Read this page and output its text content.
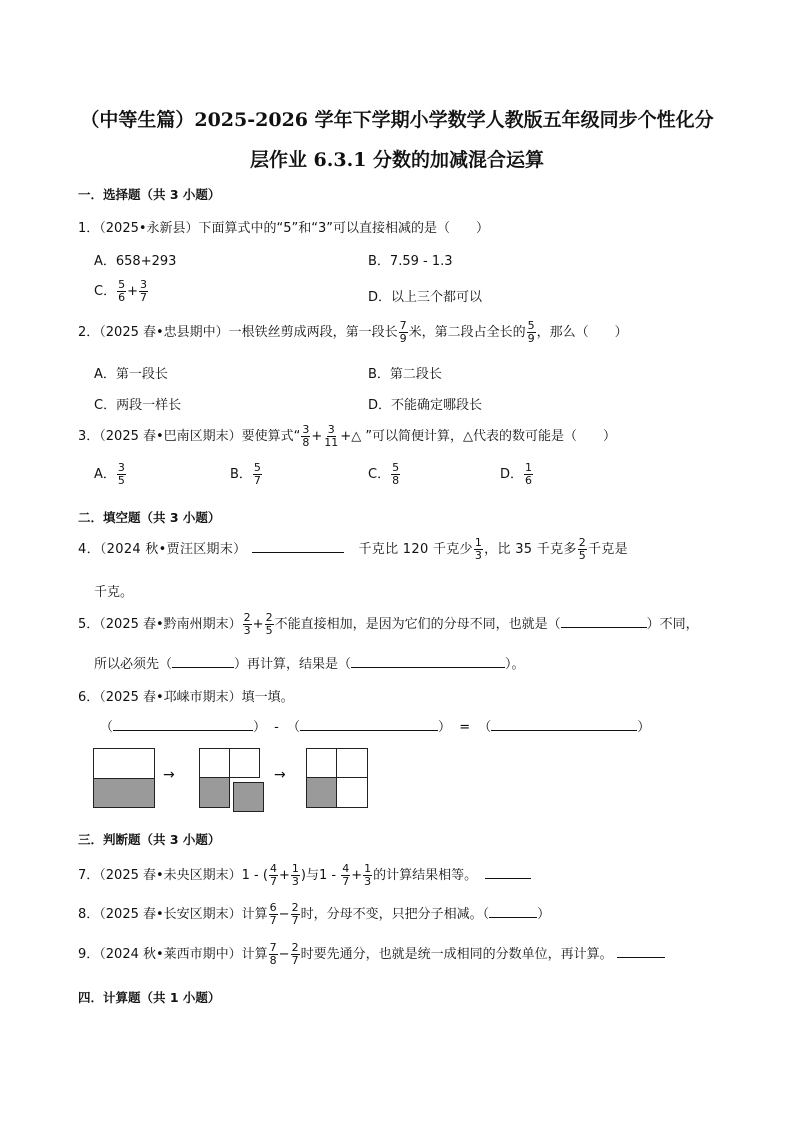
（中等生篇）2025-2026 学年下学期小学数学人教版五年级同步个性化分
层作业 6.3.1 分数的加减混合运算
一．选择题（共 3 小题）
1．（2025•永新县）下面算式中的“5”和“3”可以直接相减的是（　　）
A．658+293	B．7.59 - 1.3
C． $\frac{5}{6} + \frac{3}{7}$	D．以上三个都可以
2．（2025 春•忠县期中）一根铁丝剪成两段，第一段长 $\frac{7}{9}$ 米，第二段占全长的 $\frac{5}{9}$ ，那么（　　）
A．第一段长	B．第二段长
C．两段一样长	D．不能确定哪段长
3．（2025 春•巴南区期末）要使算式“ $\frac{3}{8} + \frac{3}{11}$ +△ ”可以简便计算，△代表的数可能是（　　）
A． $\frac{3}{5}$	B． $\frac{5}{7}$	C． $\frac{5}{8}$	D． $\frac{1}{6}$
二．填空题（共 3 小题）
4．（2024 秋•贾汪区期末）	千克比 120 千克少 $\frac{1}{3}$ ，比 35 千克多 $\frac{2}{5}$ 千克是
千克。
5．（2025 春•黔南州期末） $\frac{2}{3} + \frac{2}{5}$ 不能直接相加，是因为它们的分母不同，也就是（	）不同，
所以必须先（	）再计算，结果是（	）。
6．（2025 春•邛崃市期末）填一填。
（	） - （	） = （	）
→	→
三．判断题（共 3 小题）
7．（2025 春•未央区期末）1 - ( $\frac{4}{7} + \frac{1}{3}$ )与$1 - \frac{4}{7} + \frac{1}{3}$ 的计算结果相等。
8．（2025 春•长安区期末）计算 $\frac{6}{7} - \frac{2}{7}$ 时，分母不变，只把分子相减。（	）
9．（2024 秋•莱西市期中）计算 $\frac{7}{8} - \frac{2}{7}$ 时要先通分，也就是统一成相同的分数单位，再计算。
四．计算题（共 1 小题）
